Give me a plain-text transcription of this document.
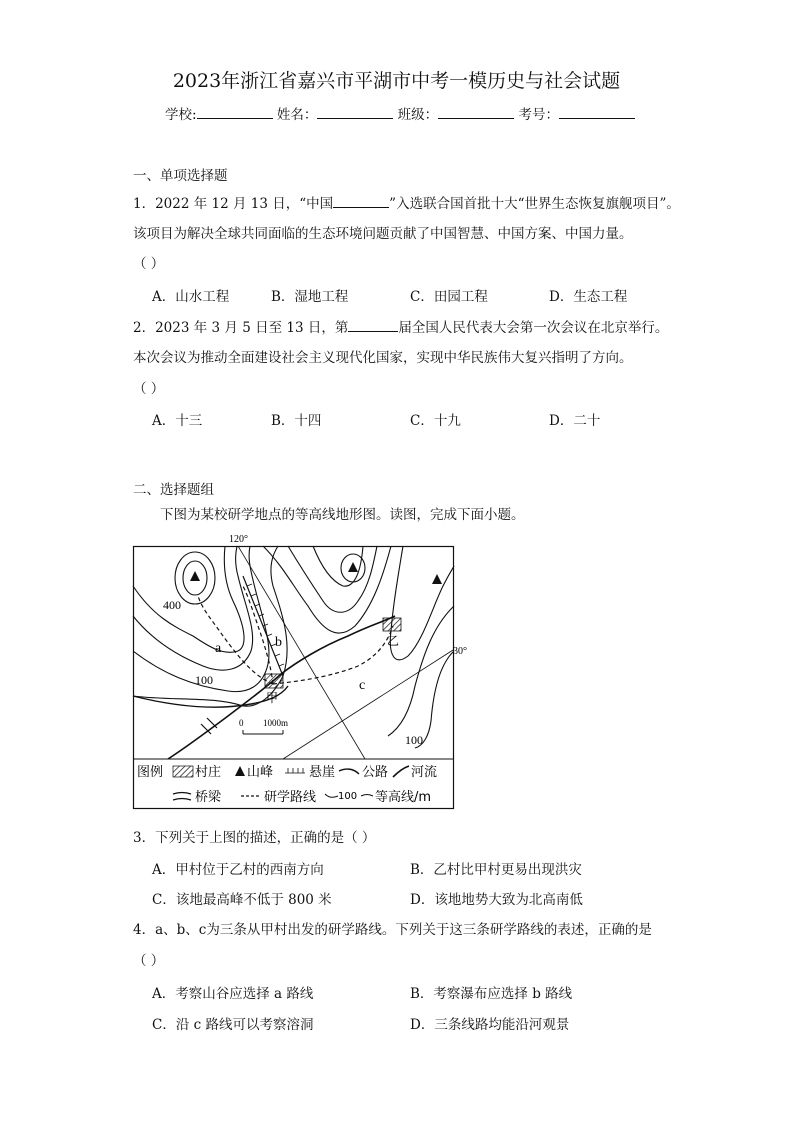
2023年浙江省嘉兴市平湖市中考一模历史与社会试题
学校:	姓名：	班级：	考号：
一、单项选择题
1．2022 年 12 月 13 日，“中国	”入选联合国首批十大“世界生态恢复旗舰项目”。
该项目为解决全球共同面临的生态环境问题贡献了中国智慧、中国方案、中国力量。
（ ）
A．山水工程	B．湿地工程	C．田园工程	D．生态工程
2．2023 年 3 月 5 日至 13 日，第	届全国人民代表大会第一次会议在北京举行。
本次会议为推动全面建设社会主义现代化国家，实现中华民族伟大复兴指明了方向。
（ ）
A．十三	B．十四	C．十九	D．二十
二、选择题组
下图为某校研学地点的等高线地形图。读图，完成下面小题。
120°
30°
400
100
100
a	b
c
甲
乙
0 1000m
图例 村庄 山峰	悬崖 公路 河流
桥梁	研学路线 100 等高线/m
3．下列关于上图的描述，正确的是（ ）
A．甲村位于乙村的西南方向	B．乙村比甲村更易出现洪灾
C．该地最高峰不低于 800 米	D．该地地势大致为北高南低
4．a、b、c为三条从甲村出发的研学路线。下列关于这三条研学路线的表述，正确的是
（ ）
A．考察山谷应选择 a 路线	B．考察瀑布应选择 b 路线
C．沿 c 路线可以考察溶洞	D．三条线路均能沿河观景
